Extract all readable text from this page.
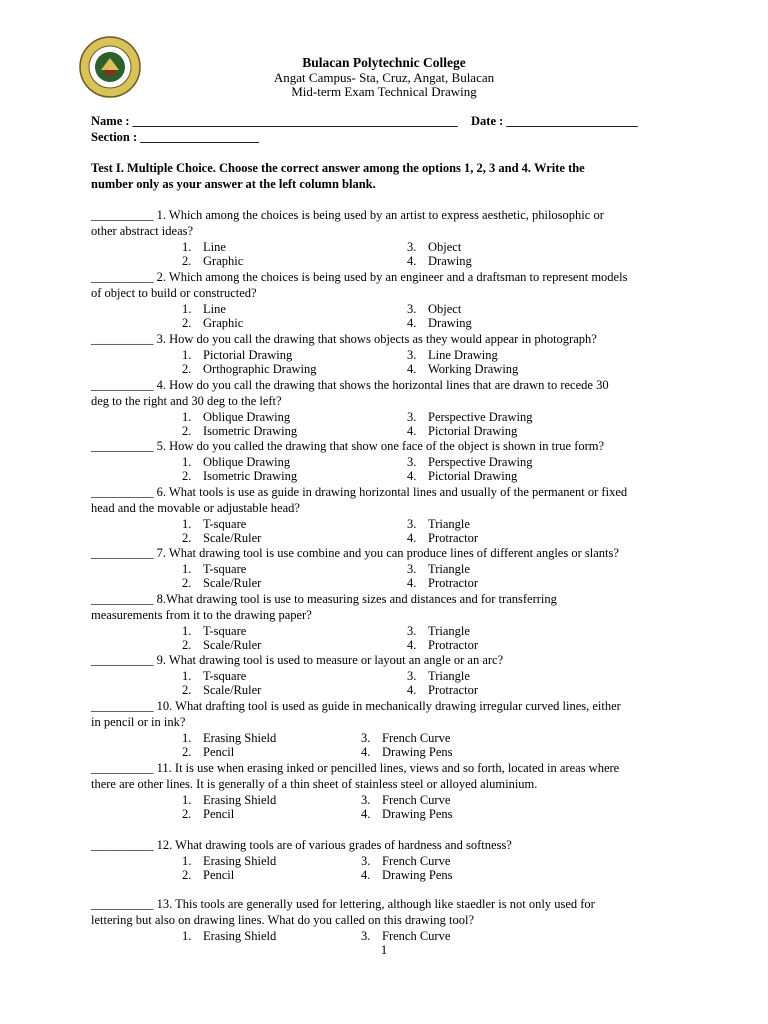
Bulacan Polytechnic College
Angat Campus- Sta, Cruz, Angat, Bulacan
Mid-term Exam Technical Drawing
Name : ____________________________________________________ Date : _____________________
Section : ___________________
Test I. Multiple Choice. Choose the correct answer among the options 1, 2, 3 and 4. Write the
number only as your answer at the left column blank.
__________ 1. Which among the choices is being used by an artist to express aesthetic, philosophic or
other abstract ideas?
1. Line
2. Graphic
3. Object
4. Drawing
__________ 2. Which among the choices is being used by an engineer and a draftsman to represent models
of object to build or constructed?
1. Line
2. Graphic
3. Object
4. Drawing
__________ 3. How do you call the drawing that shows objects as they would appear in photograph?
1. Pictorial Drawing
2. Orthographic Drawing
3. Line Drawing
4. Working Drawing
__________ 4. How do you call the drawing that shows the horizontal lines that are drawn to recede 30
deg to the right and 30 deg to the left?
1. Oblique Drawing
2. Isometric Drawing
3. Perspective Drawing
4. Pictorial Drawing
__________ 5. How do you called the drawing that show one face of the object is shown in true form?
1. Oblique Drawing
2. Isometric Drawing
3. Perspective Drawing
4. Pictorial Drawing
__________ 6. What tools is use as guide in drawing horizontal lines and usually of the permanent or fixed
head and the movable or adjustable head?
1. T-square
2. Scale/Ruler
3. Triangle
4. Protractor
__________ 7. What drawing tool is use combine and you can produce lines of different angles or slants?
1. T-square
2. Scale/Ruler
3. Triangle
4. Protractor
__________ 8.What drawing tool is use to measuring sizes and distances and for transferring
measurements from it to the drawing paper?
1. T-square
2. Scale/Ruler
3. Triangle
4. Protractor
__________ 9. What drawing tool is used to measure or layout an angle or an arc?
1. T-square
2. Scale/Ruler
3. Triangle
4. Protractor
__________ 10. What drafting tool is used as guide in mechanically drawing irregular curved lines, either
in pencil or in ink?
1. Erasing Shield
2. Pencil
3. French Curve
4. Drawing Pens
__________ 11. It is use when erasing inked or pencilled lines, views and so forth, located in areas where
there are other lines. It is generally of a thin sheet of stainless steel or alloyed aluminium.
1. Erasing Shield
2. Pencil
3. French Curve
4. Drawing Pens
__________ 12. What drawing tools are of various grades of hardness and softness?
1. Erasing Shield
2. Pencil
3. French Curve
4. Drawing Pens
__________ 13. This tools are generally used for lettering, although like staedler is not only used for
lettering but also on drawing lines. What do you called on this drawing tool?
1. Erasing Shield	3. French Curve
1
